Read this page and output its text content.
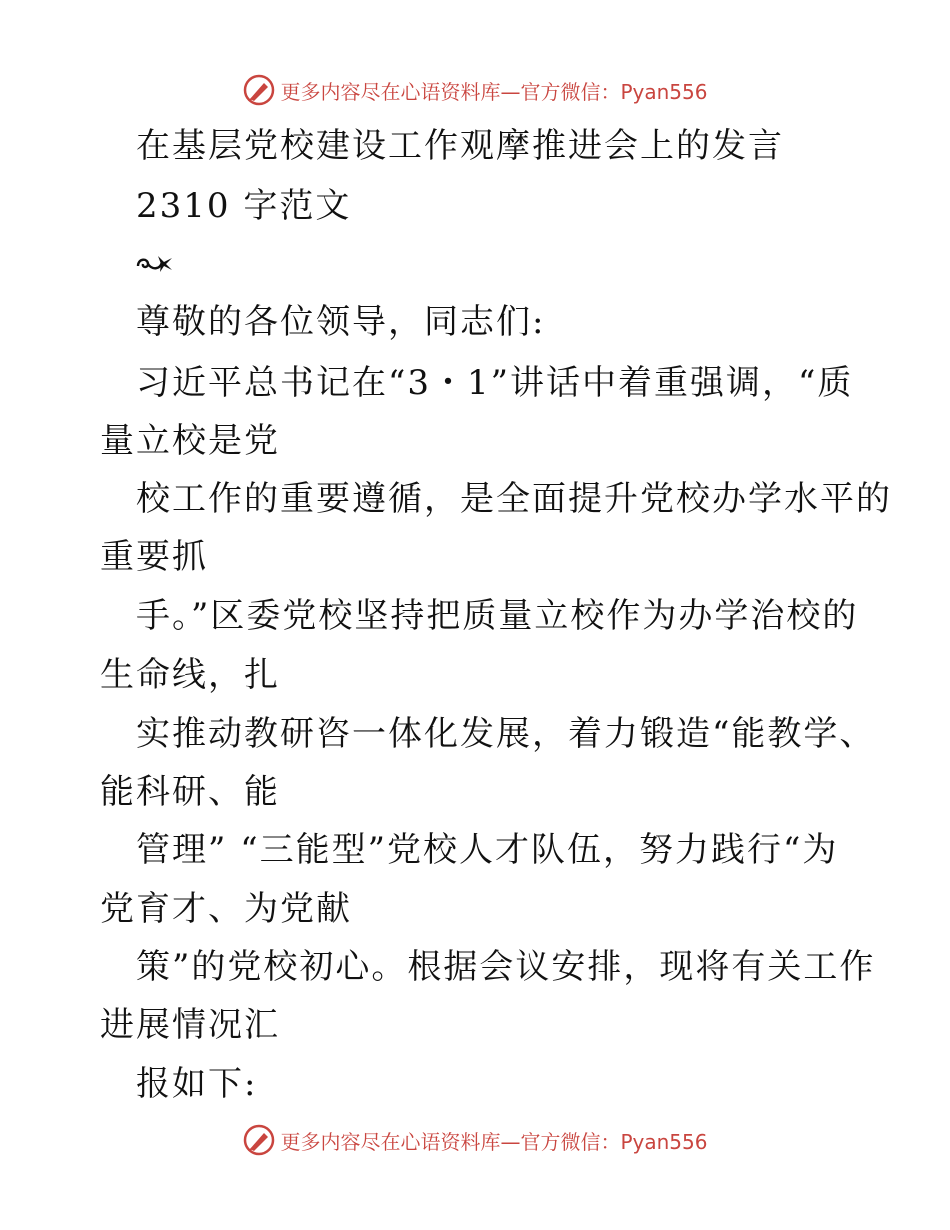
更多内容尽在心语资料库—官方微信：Pyan556
在基层党校建设工作观摩推进会上的发言
2310 字范文
尊敬的各位领导，同志们:
习近平总书记在“3・1”讲话中着重强调，“质
量立校是党
校工作的重要遵循，是全面提升党校办学水平的
重要抓
手。”区委党校坚持把质量立校作为办学治校的
生命线，扎
实推动教研咨一体化发展，着力锻造“能教学、
能科研、能
管理” “三能型”党校人才队伍，努力践行“为
党育才、为党献
策”的党校初心。根据会议安排，现将有关工作
进展情况汇
报如下:
更多内容尽在心语资料库—官方微信：Pyan556
